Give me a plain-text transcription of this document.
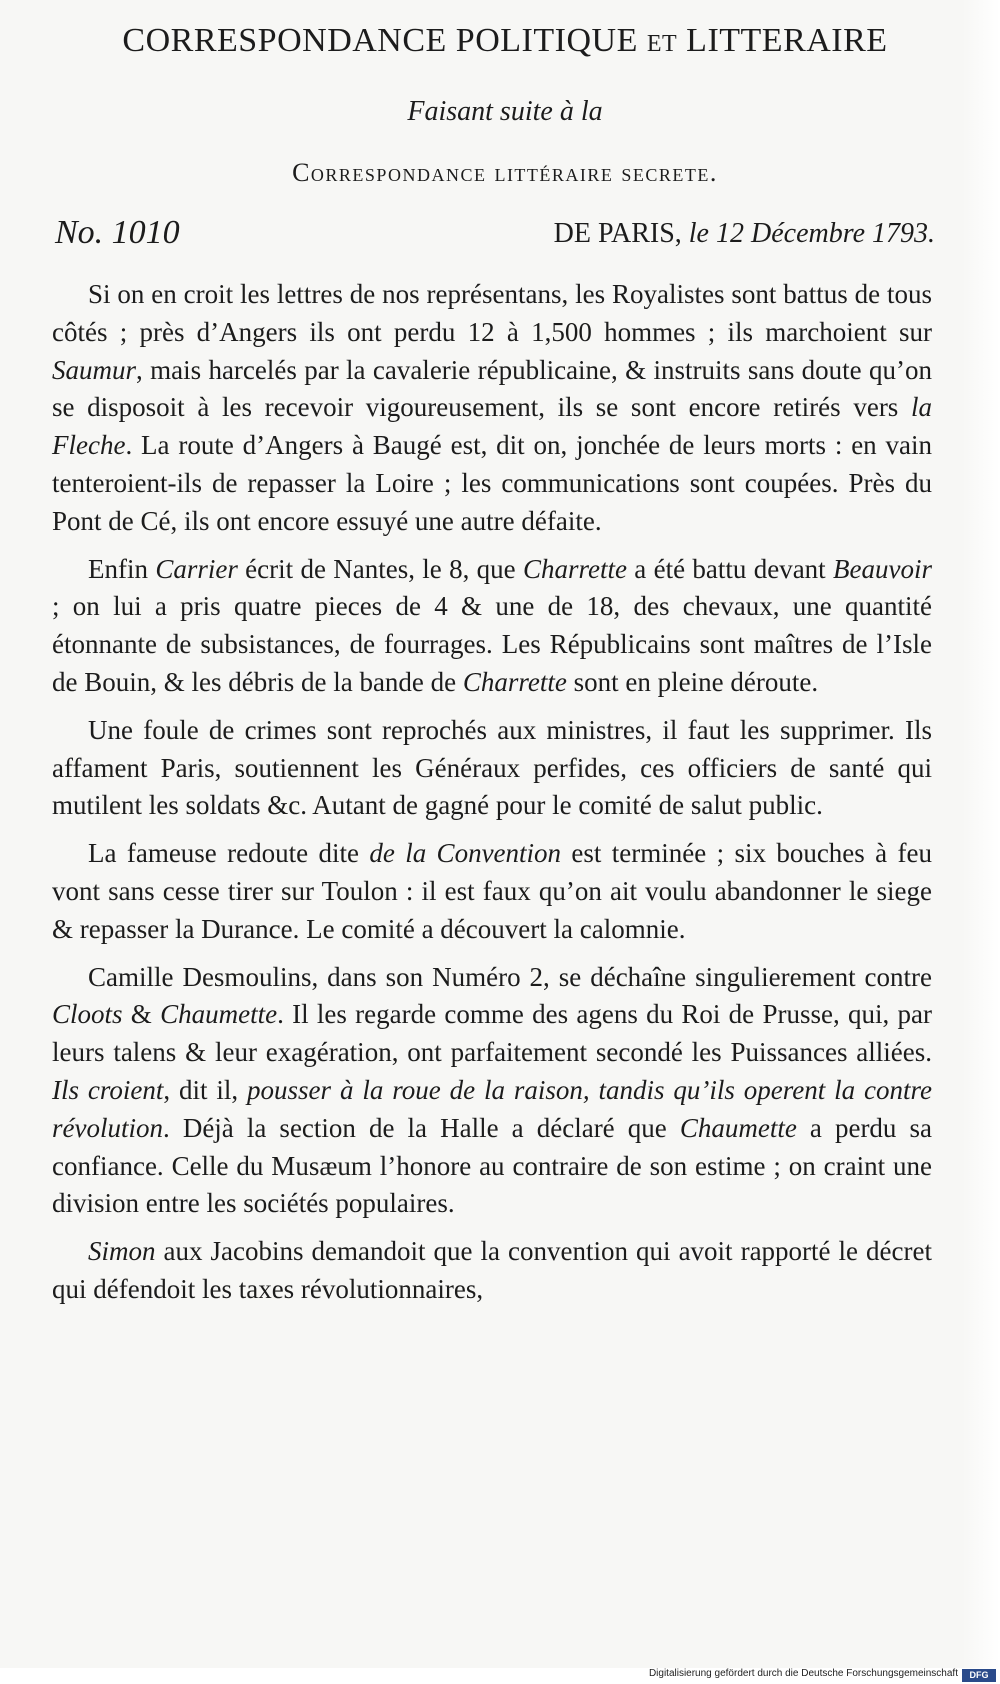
CORRESPONDANCE POLITIQUE ET LITTERAIRE
Faisant suite à la
Correspondance littéraire secrete.
No. 1010	DE PARIS, le 12 Décembre 1793.

Si on en croit les lettres de nos représentans, les Royalistes sont battus de tous côtés ; près d’Angers ils ont perdu 12 à 1,500 hommes ; ils marchoient sur Saumur, mais harcelés par la cavalerie républicaine, & instruits sans doute qu’on se disposoit à les recevoir vigoureusement, ils se sont encore retirés vers la Fleche. La route d’Angers à Baugé est, dit on, jonchée de leurs morts : en vain tenteroient-ils de repasser la Loire ; les communications sont coupées. Près du Pont de Cé, ils ont encore essuyé une autre défaite.

Enfin Carrier écrit de Nantes, le 8, que Charrette a été battu devant Beauvoir ; on lui a pris quatre pieces de 4 & une de 18, des chevaux, une quantité étonnante de subsistances, de fourrages. Les Républicains sont maîtres de l’Isle de Bouin, & les débris de la bande de Charrette sont en pleine déroute.

Une foule de crimes sont reprochés aux ministres, il faut les supprimer. Ils affament Paris, soutiennent les Généraux perfides, ces officiers de santé qui mutilent les soldats &c. Autant de gagné pour le comité de salut public.

La fameuse redoute dite de la Convention est terminée ; six bouches à feu vont sans cesse tirer sur Toulon : il est faux qu’on ait voulu abandonner le siege & repasser la Durance. Le comité a découvert la calomnie.

Camille Desmoulins, dans son Numéro 2, se déchaîne singulierement contre Cloots & Chaumette. Il les regarde comme des agens du Roi de Prusse, qui, par leurs talens & leur exagération, ont parfaitement secondé les Puissances alliées. Ils croient, dit il, pousser à la roue de la raison, tandis qu’ils operent la contre révolution. Déjà la section de la Halle a déclaré que Chaumette a perdu sa confiance. Celle du Musæum l’honore au contraire de son estime ; on craint une division entre les sociétés populaires.

Simon aux Jacobins demandoit que la convention qui avoit rapporté le décret qui défendoit les taxes révolutionnaires,

Digitalisierung gefördert durch die Deutsche Forschungsgemeinschaft	DFG
